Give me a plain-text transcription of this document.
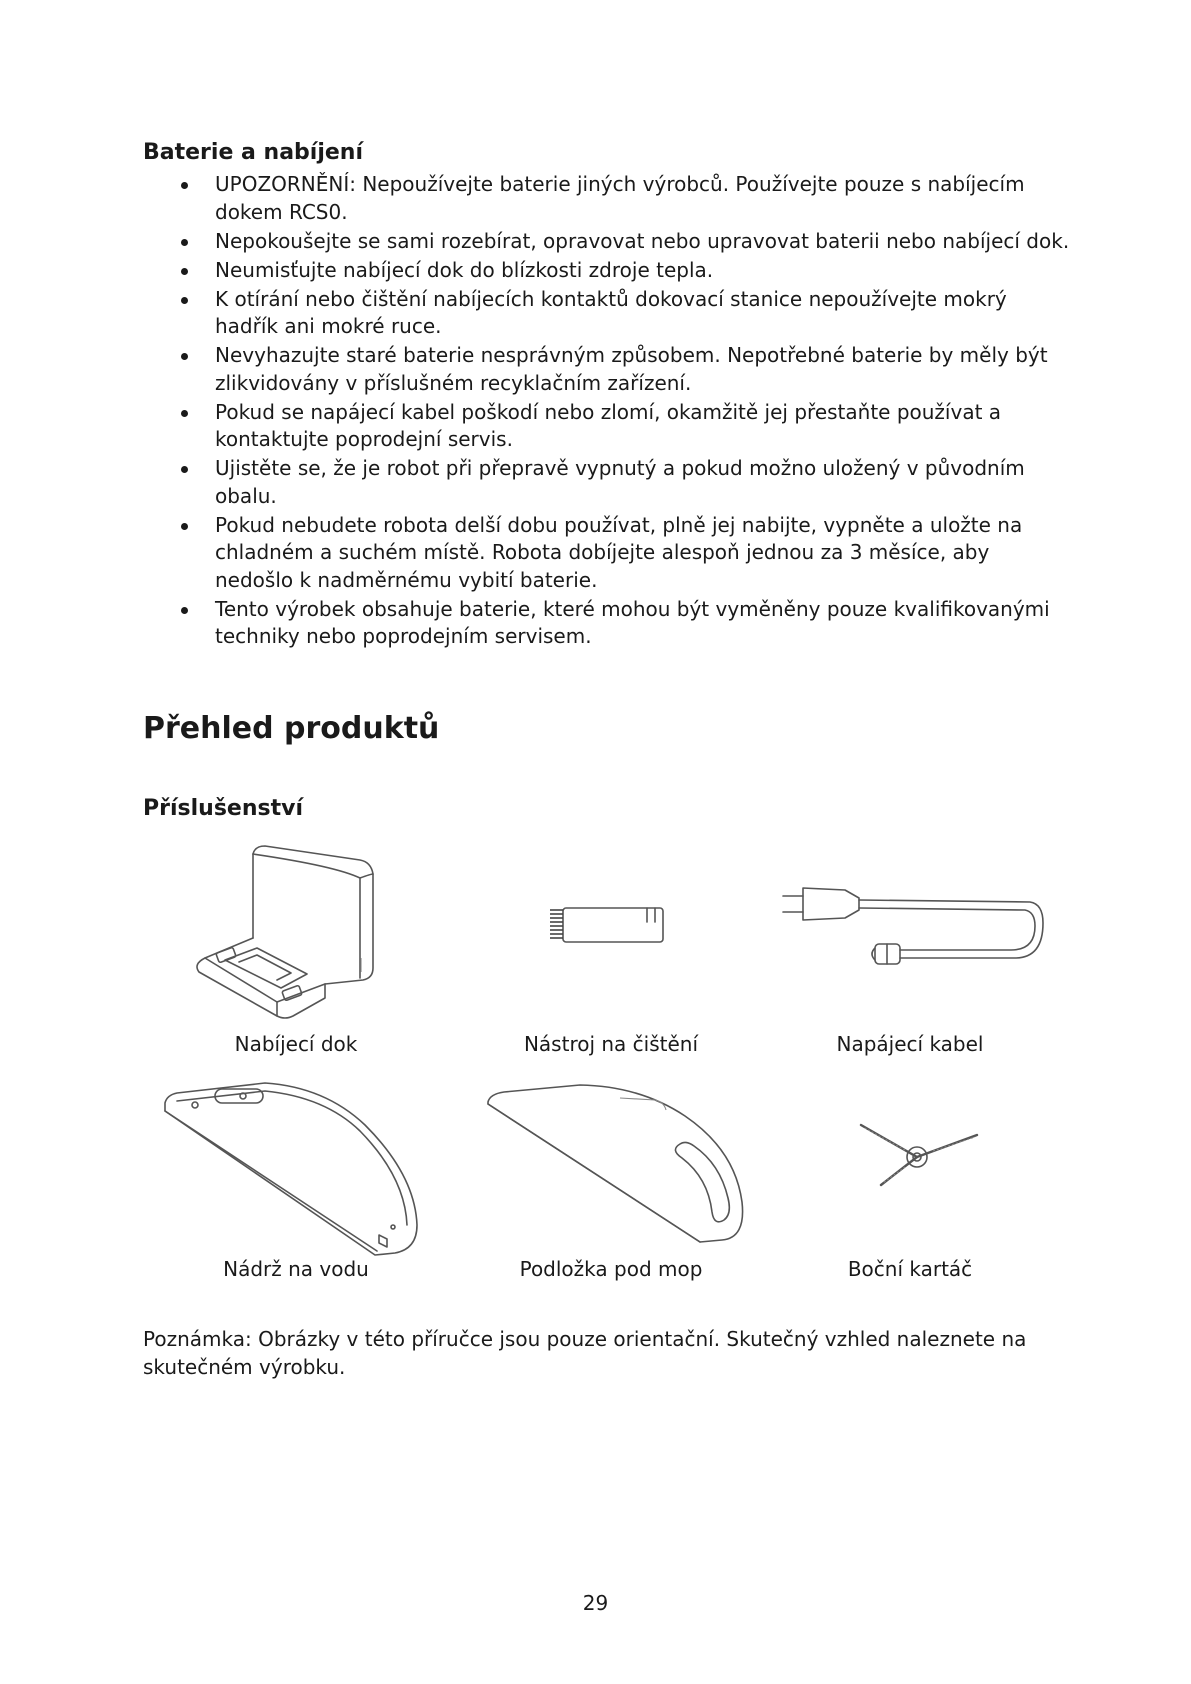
Baterie a nabíjení
UPOZORNĚNÍ: Nepoužívejte baterie jiných výrobců. Používejte pouze s nabíjecím dokem RCS0.
Nepokoušejte se sami rozebírat, opravovat nebo upravovat baterii nebo nabíjecí dok.
Neumisťujte nabíjecí dok do blízkosti zdroje tepla.
K otírání nebo čištění nabíjecích kontaktů dokovací stanice nepoužívejte mokrý hadřík ani mokré ruce.
Nevyhazujte staré baterie nesprávným způsobem. Nepotřebné baterie by měly být zlikvidovány v příslušném recyklačním zařízení.
Pokud se napájecí kabel poškodí nebo zlomí, okamžitě jej přestaňte používat a kontaktujte poprodejní servis.
Ujistěte se, že je robot při přepravě vypnutý a pokud možno uložený v původním obalu.
Pokud nebudete robota delší dobu používat, plně jej nabijte, vypněte a uložte na chladném a suchém místě. Robota dobíjejte alespoň jednou za 3 měsíce, aby nedošlo k nadměrnému vybití baterie.
Tento výrobek obsahuje baterie, které mohou být vyměněny pouze kvalifikovanými techniky nebo poprodejním servisem.
Přehled produktů
Příslušenství
Nabíjecí dok	Nástroj na čištění	Napájecí kabel
Nádrž na vodu	Podložka pod mop	Boční kartáč

Poznámka: Obrázky v této příručce jsou pouze orientační. Skutečný vzhled naleznete na skutečném výrobku.

29
